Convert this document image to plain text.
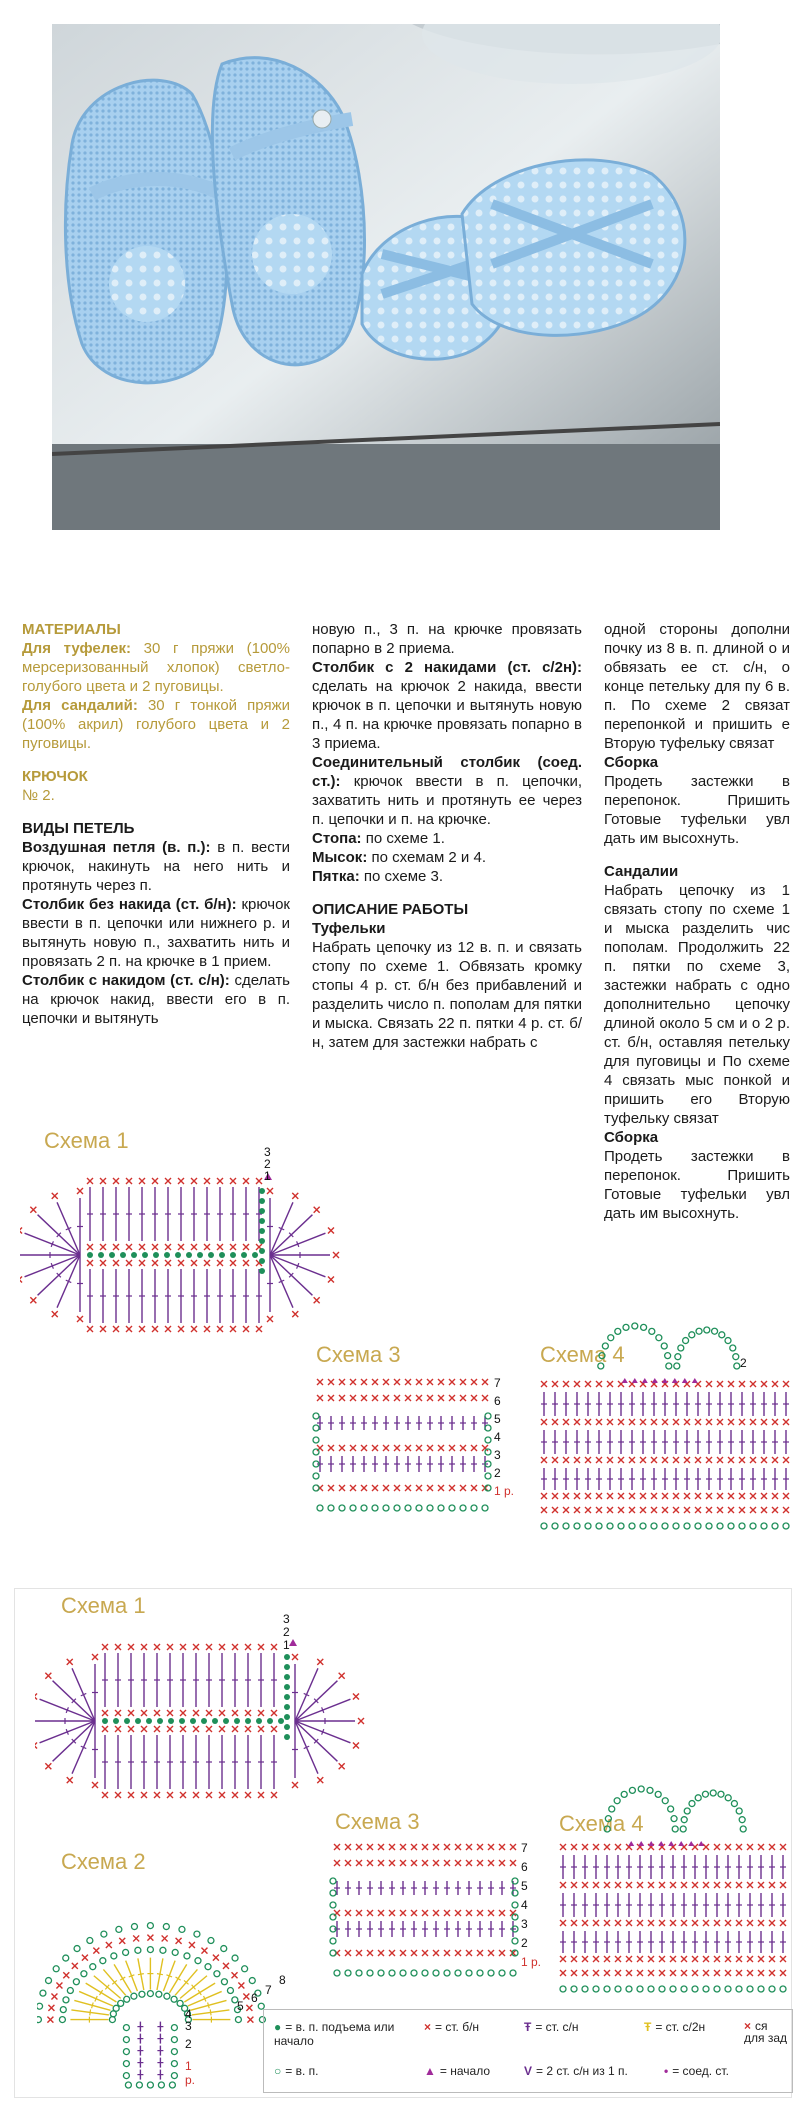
МАТЕРИАЛЫ

Для туфелек: 30 г пряжи (100% мерсеризованный хлопок) светло-голубого цвета и 2 пуговицы.

Для сандалий: 30 г тонкой пряжи (100% акрил) голубого цвета и 2 пуговицы.

КРЮЧОК
№ 2.
ВИДЫ ПЕТЕЛЬ

Воздушная петля (в. п.): в п. вести крючок, накинуть на него нить и протянуть через п.

Столбик без накида (ст. б/н): крючок ввести в п. цепочки или нижнего р. и вытянуть новую п., захватить нить и провязать 2 п. на крючке в 1 прием.

Столбик с накидом (ст. с/н): сделать на крючок накид, ввести его в п. цепочки и вытянуть

новую п., 3 п. на крючке провязать попарно в 2 приема.

Столбик с 2 накидами (ст. с/2н): сделать на крючок 2 накида, ввести крючок в п. цепочки и вытянуть новую п., 4 п. на крючке провязать попарно в 3 приема.

Соединительный столбик (соед. ст.): крючок ввести в п. цепочки, захватить нить и протянуть ее через п. цепочки и п. на крючке.

Стопа: по схеме 1.

Мысок: по схемам 2 и 4.

Пятка: по схеме 3.

ОПИСАНИЕ РАБОТЫ
Туфельки

Набрать цепочку из 12 в. п. и связать стопу по схеме 1. Обвязать кромку стопы 4 р. ст. б/н без прибавлений и разделить число п. пополам для пятки и мыска. Связать 22 п. пятки 4 р. ст. б/н, затем для застежки набрать с

одной стороны дополни почку из 8 в. п. длиной о и обвязать ее ст. с/н, о конце петельку для пу 6 в. п. По схеме 2 связат перепонкой и пришить е Вторую туфельку связат

Сборка

Продеть застежки в перепонок. Пришить Готовые туфельки увл дать им высохнуть.

Сандалии

Набрать цепочку из 1 связать стопу по схеме 1 и мыска разделить чис пополам. Продолжить 22 п. пятки по схеме 3, застежки набрать с одно дополнительно цепочку длиной около 5 см и о 2 р. ст. б/н, оставляя петельку для пуговицы и По схеме 4 связать мыс понкой и пришить его Вторую туфельку связат

Сборка

Продеть застежки в перепонок. Пришить Готовые туфельки увл дать им высохнуть.

Схема 1	3
2
1
Схема 3
7
6
5
4
3
2
1 р.
Схема 4	2
Схема 1
3
2
1
Схема 2
8
7
6
5
4
3
2
1 р.
Схема 3
7
6
5
4
3
2
1 р.
Схема 4
● = в. п. подъема или начало
× = ст. б/н	Ŧ = ст. с/н	Ŧ = ст. с/2н	× ся для зад
○ = в. п.	▲ = начало	V = 2 ст. с/н из 1 п.	• = соед. ст.
